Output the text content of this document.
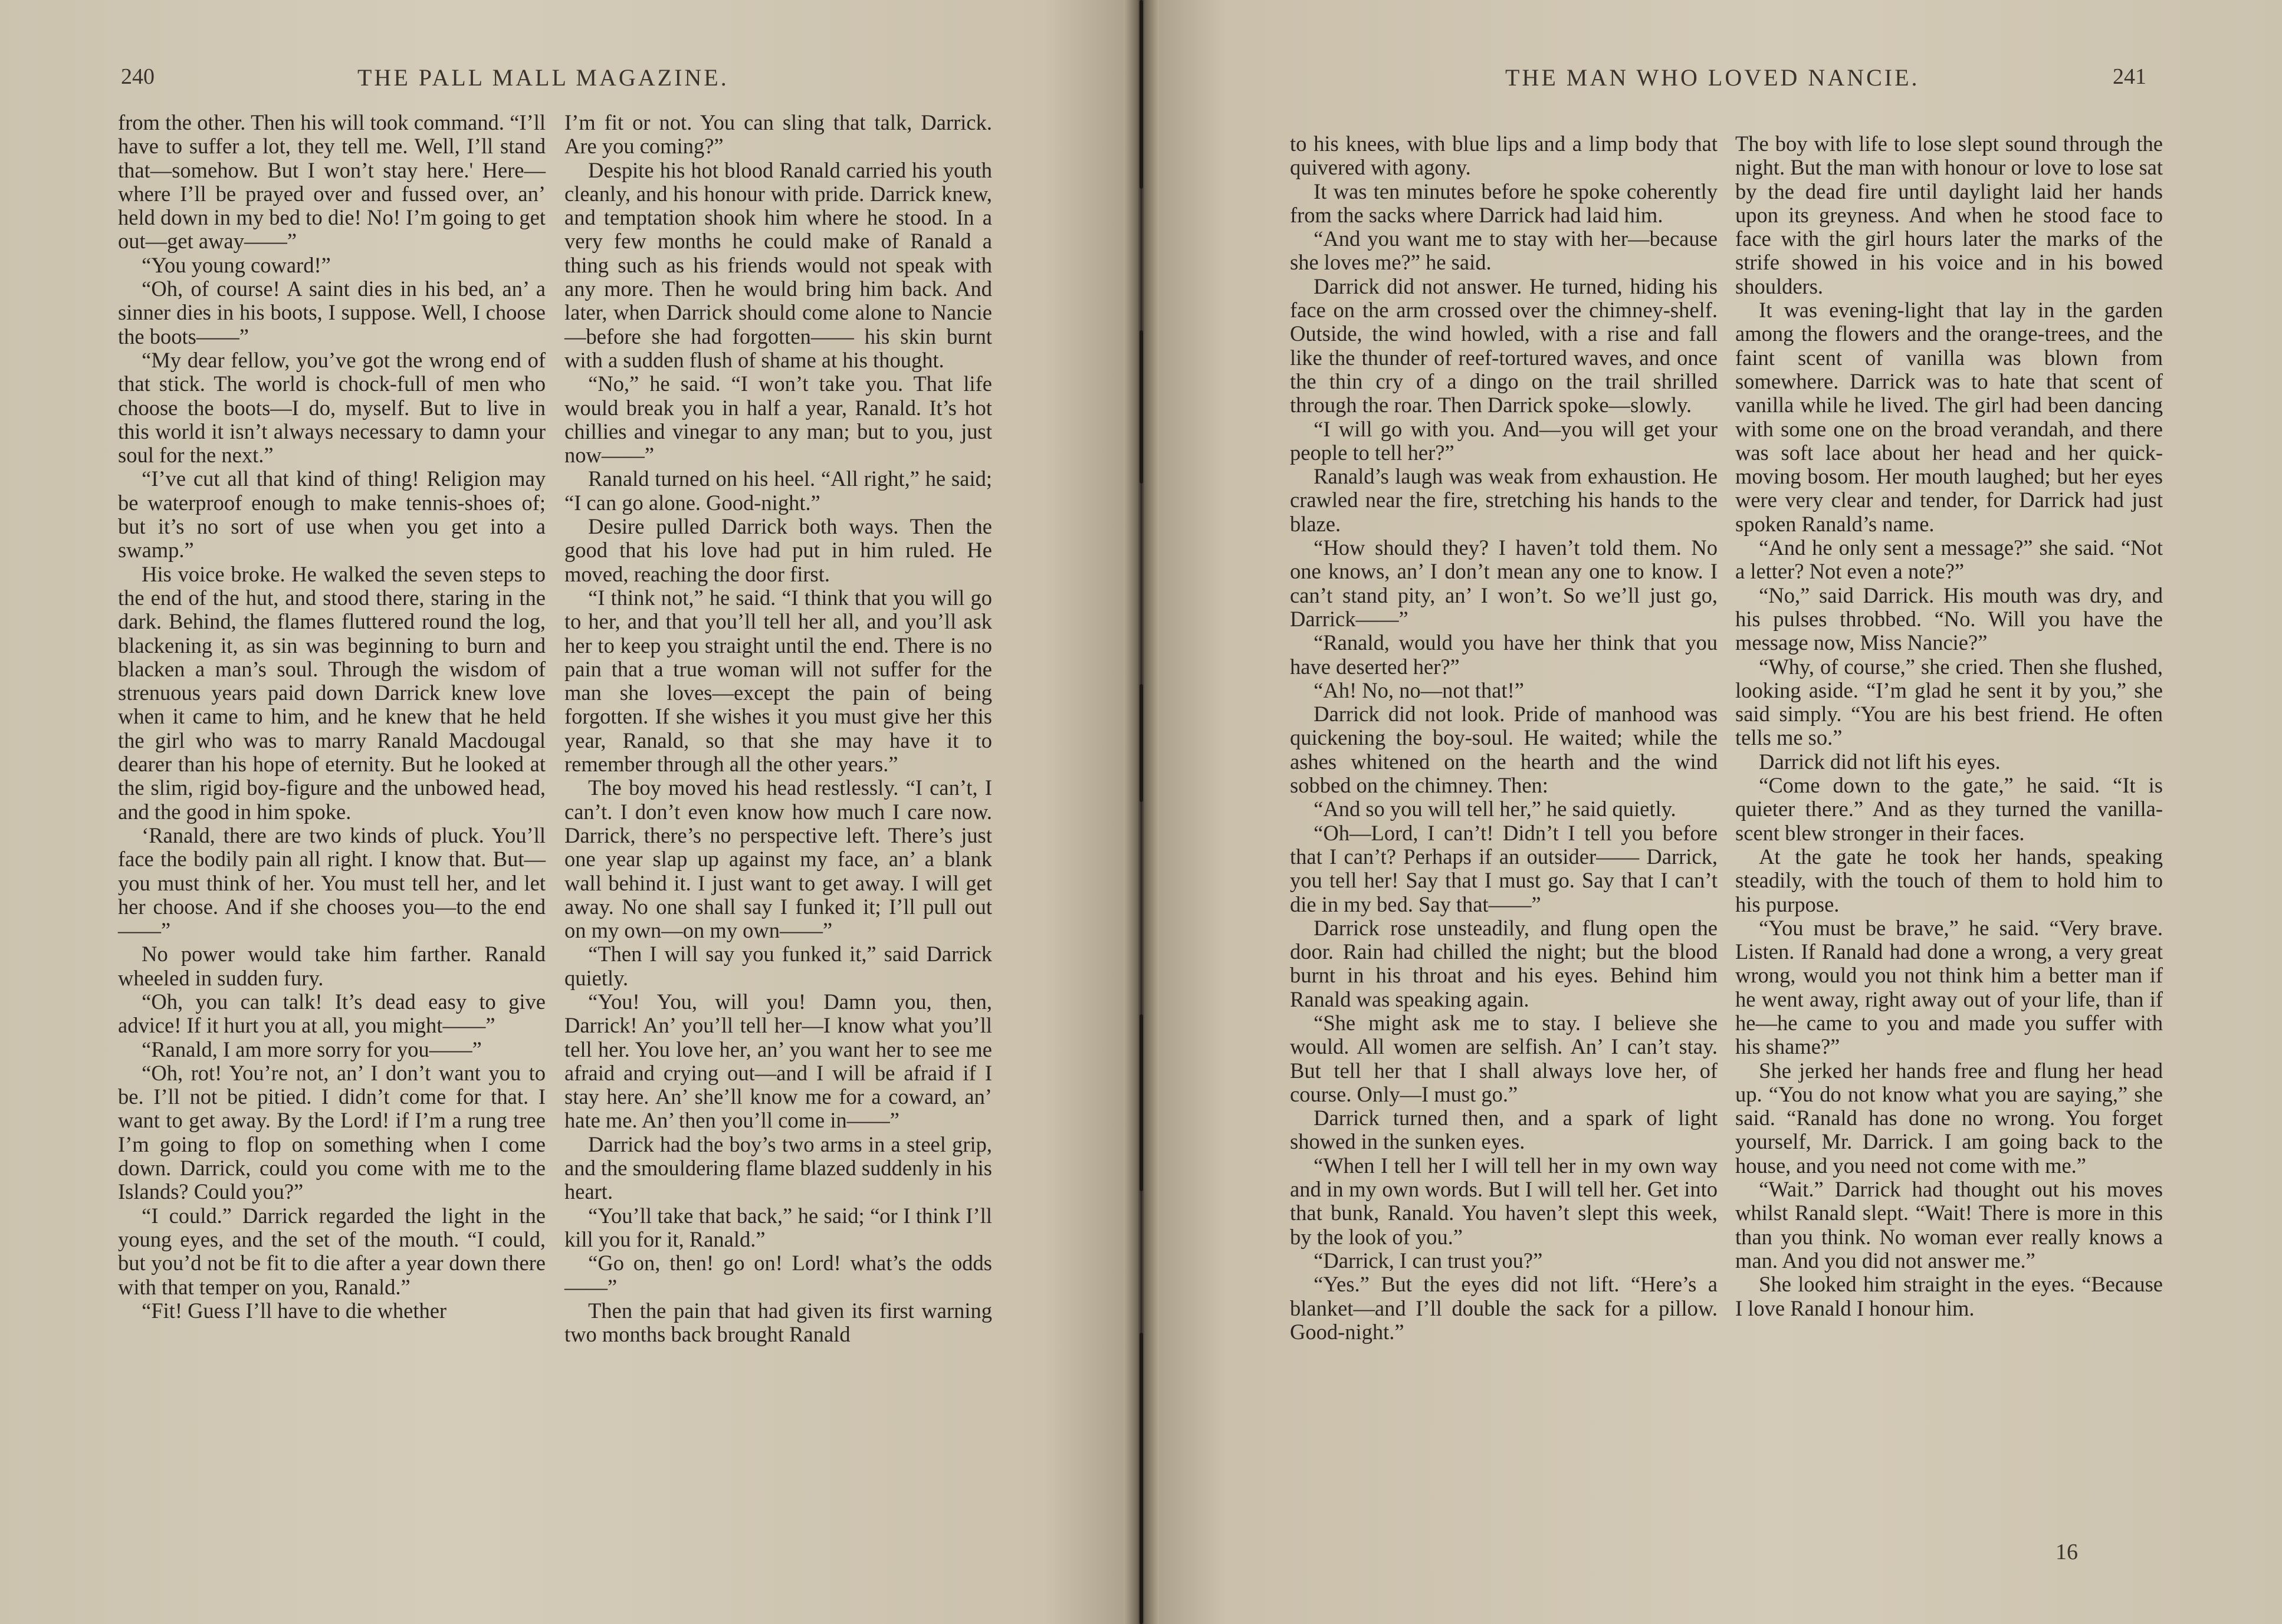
240	THE PALL MALL MAGAZINE.

from the other. Then his will took command. “I’ll have to suffer a lot, they tell me. Well, I’ll stand that—somehow. But I won’t stay here.' Here—where I’ll be prayed over and fussed over, an’ held down in my bed to die! No! I’m going to get out—get away——”

“You young coward!”

“Oh, of course! A saint dies in his bed, an’ a sinner dies in his boots, I suppose. Well, I choose the boots——”

“My dear fellow, you’ve got the wrong end of that stick. The world is chock-full of men who choose the boots—I do, myself. But to live in this world it isn’t always necessary to damn your soul for the next.”

“I’ve cut all that kind of thing! Religion may be waterproof enough to make tennis-shoes of; but it’s no sort of use when you get into a swamp.”

His voice broke. He walked the seven steps to the end of the hut, and stood there, staring in the dark. Behind, the flames fluttered round the log, blackening it, as sin was beginning to burn and blacken a man’s soul. Through the wisdom of strenuous years paid down Darrick knew love when it came to him, and he knew that he held the girl who was to marry Ranald Macdougal dearer than his hope of eternity. But he looked at the slim, rigid boy-figure and the unbowed head, and the good in him spoke.

‘Ranald, there are two kinds of pluck. You’ll face the bodily pain all right. I know that. But—you must think of her. You must tell her, and let her choose. And if she chooses you—to the end——”

No power would take him farther. Ranald wheeled in sudden fury.

“Oh, you can talk! It’s dead easy to give advice! If it hurt you at all, you might——”

“Ranald, I am more sorry for you——”

“Oh, rot! You’re not, an’ I don’t want you to be. I’ll not be pitied. I didn’t come for that. I want to get away. By the Lord! if I’m a rung tree I’m going to flop on something when I come down. Darrick, could you come with me to the Islands? Could you?”

“I could.” Darrick regarded the light in the young eyes, and the set of the mouth. “I could, but you’d not be fit to die after a year down there with that temper on you, Ranald.”

“Fit! Guess I’ll have to die whether

I’m fit or not. You can sling that talk, Darrick. Are you coming?”

Despite his hot blood Ranald carried his youth cleanly, and his honour with pride. Darrick knew, and temptation shook him where he stood. In a very few months he could make of Ranald a thing such as his friends would not speak with any more. Then he would bring him back. And later, when Darrick should come alone to Nancie—before she had forgotten—— his skin burnt with a sudden flush of shame at his thought.

“No,” he said. “I won’t take you. That life would break you in half a year, Ranald. It’s hot chillies and vinegar to any man; but to you, just now——”

Ranald turned on his heel. “All right,” he said; “I can go alone. Good-night.”

Desire pulled Darrick both ways. Then the good that his love had put in him ruled. He moved, reaching the door first.

“I think not,” he said. “I think that you will go to her, and that you’ll tell her all, and you’ll ask her to keep you straight until the end. There is no pain that a true woman will not suffer for the man she loves—except the pain of being forgotten. If she wishes it you must give her this year, Ranald, so that she may have it to remember through all the other years.”

The boy moved his head restlessly. “I can’t, I can’t. I don’t even know how much I care now. Darrick, there’s no perspective left. There’s just one year slap up against my face, an’ a blank wall behind it. I just want to get away. I will get away. No one shall say I funked it; I’ll pull out on my own—on my own——”

“Then I will say you funked it,” said Darrick quietly.

“You! You, will you! Damn you, then, Darrick! An’ you’ll tell her—I know what you’ll tell her. You love her, an’ you want her to see me afraid and crying out—and I will be afraid if I stay here. An’ she’ll know me for a coward, an’ hate me. An’ then you’ll come in——”

Darrick had the boy’s two arms in a steel grip, and the smouldering flame blazed suddenly in his heart.

“You’ll take that back,” he said; “or I think I’ll kill you for it, Ranald.”

“Go on, then! go on! Lord! what’s the odds——”

Then the pain that had given its first warning two months back brought Ranald

THE MAN WHO LOVED NANCIE.	241

to his knees, with blue lips and a limp body that quivered with agony.

It was ten minutes before he spoke coherently from the sacks where Darrick had laid him.

“And you want me to stay with her—because she loves me?” he said.

Darrick did not answer. He turned, hiding his face on the arm crossed over the chimney-shelf. Outside, the wind howled, with a rise and fall like the thunder of reef-tortured waves, and once the thin cry of a dingo on the trail shrilled through the roar. Then Darrick spoke—slowly.

“I will go with you. And—you will get your people to tell her?”

Ranald’s laugh was weak from exhaustion. He crawled near the fire, stretching his hands to the blaze.

“How should they? I haven’t told them. No one knows, an’ I don’t mean any one to know. I can’t stand pity, an’ I won’t. So we’ll just go, Darrick——”

“Ranald, would you have her think that you have deserted her?”

“Ah! No, no—not that!”

Darrick did not look. Pride of manhood was quickening the boy-soul. He waited; while the ashes whitened on the hearth and the wind sobbed on the chimney. Then:

“And so you will tell her,” he said quietly.

“Oh—Lord, I can’t! Didn’t I tell you before that I can’t? Perhaps if an outsider—— Darrick, you tell her! Say that I must go. Say that I can’t die in my bed. Say that——”

Darrick rose unsteadily, and flung open the door. Rain had chilled the night; but the blood burnt in his throat and his eyes. Behind him Ranald was speaking again.

“She might ask me to stay. I believe she would. All women are selfish. An’ I can’t stay. But tell her that I shall always love her, of course. Only—I must go.”

Darrick turned then, and a spark of light showed in the sunken eyes.

“When I tell her I will tell her in my own way and in my own words. But I will tell her. Get into that bunk, Ranald. You haven’t slept this week, by the look of you.”

“Darrick, I can trust you?”

“Yes.” But the eyes did not lift. “Here’s a blanket—and I’ll double the sack for a pillow. Good-night.”

The boy with life to lose slept sound through the night. But the man with honour or love to lose sat by the dead fire until daylight laid her hands upon its greyness. And when he stood face to face with the girl hours later the marks of the strife showed in his voice and in his bowed shoulders.

It was evening-light that lay in the garden among the flowers and the orange-trees, and the faint scent of vanilla was blown from somewhere. Darrick was to hate that scent of vanilla while he lived. The girl had been dancing with some one on the broad verandah, and there was soft lace about her head and her quick-moving bosom. Her mouth laughed; but her eyes were very clear and tender, for Darrick had just spoken Ranald’s name.

“And he only sent a message?” she said. “Not a letter? Not even a note?”

“No,” said Darrick. His mouth was dry, and his pulses throbbed. “No. Will you have the message now, Miss Nancie?”

“Why, of course,” she cried. Then she flushed, looking aside. “I’m glad he sent it by you,” she said simply. “You are his best friend. He often tells me so.”

Darrick did not lift his eyes.

“Come down to the gate,” he said. “It is quieter there.” And as they turned the vanilla-scent blew stronger in their faces.

At the gate he took her hands, speaking steadily, with the touch of them to hold him to his purpose.

“You must be brave,” he said. “Very brave. Listen. If Ranald had done a wrong, a very great wrong, would you not think him a better man if he went away, right away out of your life, than if he—he came to you and made you suffer with his shame?”

She jerked her hands free and flung her head up. “You do not know what you are saying,” she said. “Ranald has done no wrong. You forget yourself, Mr. Darrick. I am going back to the house, and you need not come with me.”

“Wait.” Darrick had thought out his moves whilst Ranald slept. “Wait! There is more in this than you think. No woman ever really knows a man. And you did not answer me.”

She looked him straight in the eyes. “Because I love Ranald I honour him.

16
